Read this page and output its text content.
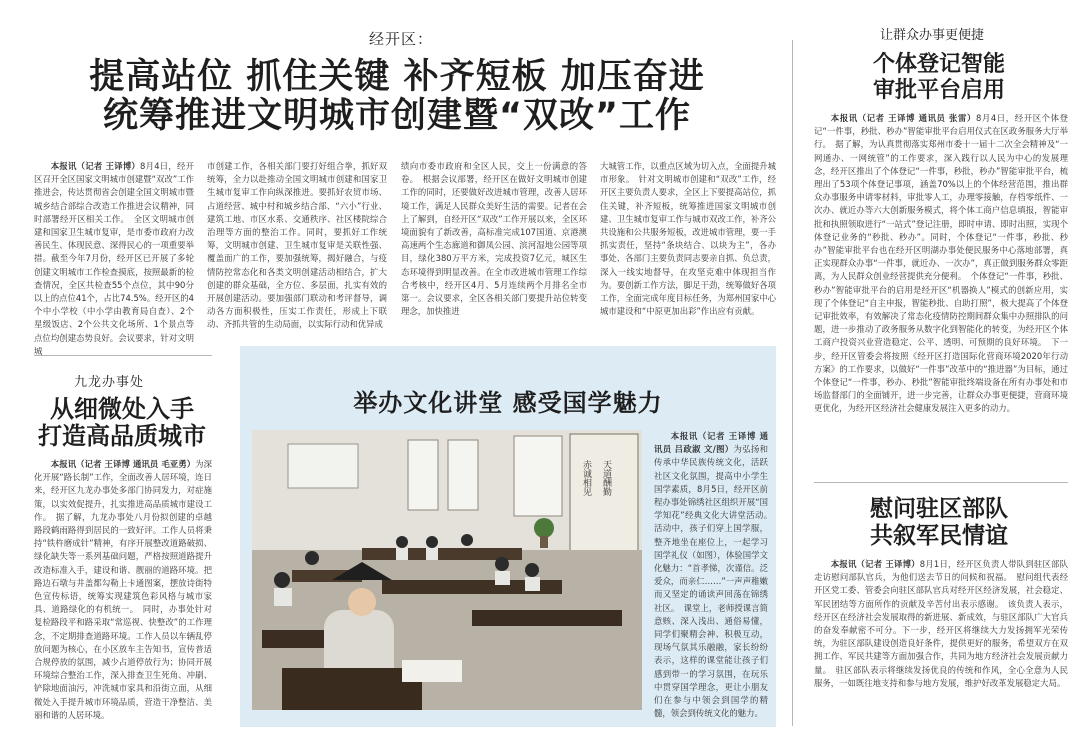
经开区：
提高站位 抓住关键 补齐短板 加压奋进
统筹推进文明城市创建暨“双改”工作

本报讯（记者 王译博）8月4日，经开区召开全区国家文明城市创建暨“双改”工作推进会，传达贯彻省会创建全国文明城市暨城乡结合部综合改造工作推进会议精神，同时部署经开区相关工作。　全区文明城市创建和国家卫生城市复审，是市委市政府力改善民生、体现民意、深得民心的一项重要举措。截至今年7月份，经开区已开展了多轮创建文明城市工作检查摸底，按照最新的检查情况，全区共检查55个点位，其中90分以上的点位41个，占比74.5%。经开区的4个中小学校（中小学由教育局自查）、2个星级饭店、2个公共文化场所、1个景点等点位均创建态势良好。会议要求，针对文明城

市创建工作，各相关部门要打好组合拳，抓好双统筹，全力以赴推动全国文明城市创建和国家卫生城市复审工作向纵深推进。要抓好农贸市场、占道经营、城中村和城乡结合部、“六小”行业、建筑工地、市区水系、交通秩序、社区楼院综合治理等方面的整治工作。同时，要抓好工作统筹，文明城市创建、卫生城市复审是关联性强、覆盖面广的工作，要加强统筹，揭好融合，与疫情防控常态化和各类文明创建活动相结合，扩大创建的群众基础，全方位、多层面，扎实有效的开展创建活动。要加强部门联动和考评督导，调动各方面积极性，压实工作责任，形成上下联动、齐抓共管的生动局面，以实际行动和优异成

绩向市委市政府和全区人民，交上一份满意的答卷。　根据会议部署，经开区在做好文明城市创建工作的同时，还要做好改进城市管理，改善人居环境工作，满足人民群众美好生活的需要。记者在会上了解到，自经开区“双改”工作开展以来，全区环境面貌有了新改善，高标准完成107国道、京港澳高速两个生态廊道和御凤公园、滨河湿地公园等项目，绿化380万平方米，完成投资7亿元，城区生态环境得到明显改善。在全市改进城市管理工作综合考核中，经开区4月、5月连续两个月排名全市第一。会议要求，全区各相关部门要提升站位转变理念，加快推进

大城管工作，以重点区域为切入点，全面提升城市形象。　针对文明城市创建和“双改”工作，经开区主要负责人要求，全区上下要提高站位，抓住关键，补齐短板，统筹推进国家文明城市创建、卫生城市复审工作与城市双改工作，补齐公共设施和公共服务短板，改进城市管理，要一手抓实责任，坚持“条块结合、以块为主”，各办事处、各部门主要负责同志要亲自抓、负总责，深入一线实地督导，在攻坚克难中体现担当作为。要创新工作方法，脚足干劲，统筹做好各项工作，全面完成年度目标任务，为郑州国家中心城市建设和“中原更加出彩”作出应有贡献。

九龙办事处
从细微处入手
打造高品质城市

本报讯（记者 王译博 通讯员 毛亚勇）为深化开展“路长制”工作，全面改善人居环境，连日来，经开区九龙办事处多部门协同发力，对症施策，以实效促提升，扎实推进高品质城市建设工作。　据了解，九龙办事处八月份拟创建的卓越路段鹤雨路得到居民的一致好评。工作人员将秉持“铁杵磨成针”精神，有序开展整改道路破损、绿化缺失等一系列基础问题，严格按照道路提升改造标准入手，建设和谐、靓丽的道路环境。把路边石墩与井盖都勾勒上卡通图案，摆放诗街特色宣传标语，统筹实现建筑色彩风格与城市家具、道路绿化的有机统一。　同时，办事处针对复检路段平和路采取“常巡视、快整改”的工作理念，不定期排查道路环境。工作人员以车辆乱停放问题为核心，在小区放车主告知书，宣传普适合规停放的氛围，减少占道停放行为；协同开展环境综合整治工作，深入排查卫生死角、冲刷、铲除地面油污，冲洗城市家具和沿街立面，从细微处入手提升城市环境品质，营造干净整洁、美丽和谐的人居环境。

举办文化讲堂 感受国学魅力
赤诚相见 天道酬勤

本报讯（记者 王译博 通讯员 吕政淑 文/图）为弘扬和传承中华民族传统文化，活跃社区文化氛围，提高中小学生国学素质，8月5日，经开区前程办事处锦绣社区组织开展“国学知花”经典文化大讲堂活动。　活动中，孩子们穿上国学服，整齐地坐在座位上，一起学习国学礼仪（如图），体验国学文化魅力：“首孝悌，次谨信。泛爱众，而亲仁……”一声声稚嫩而又坚定的诵读声回荡在锦绣社区。　课堂上，老师授课言简意赅、深入浅出、通俗易懂，同学们聚精会神、积极互动，现场气氛其乐融融，家长纷纷表示，这样的课堂能让孩子们感到带一的学习氛围，在玩乐中贯穿国学理念，更让小朋友们在参与中领会到国学的精髓，领会到传统文化的魅力。

让群众办事更便捷
个体登记智能
审批平台启用

本报讯（记者 王译博 通讯员 张雷）8月4日，经开区个体登记“一件事，秒批、秒办”智能审批平台启用仪式在区政务服务大厅举行。　据了解，为认真贯彻落实郑州市委十一届十二次全会精神及“一网通办、一网统管”的工作要求，深入践行以人民为中心的发展理念，经开区推出了个体登记“一件事，秒批，秒办”智能审批平台，梳理出了53项个体登记事项，涵盖70%以上的个体经营范围，推出群众办事服务申请零材料，审批零人工，办理零接触，存档零纸件、一次办、就近办等六大创新服务模式，将个体工商户信息填报，智能审批和执照领取进行“一站式”登记注册，即时申请、即时出照，实现个体登记业务的“秒批、秒办”。同时，个体登记“一件事，秒批、秒办”智能审批平台也在经开区明湖办事处便民服务中心落地部署，真正实现群众办事“一件事，就近办、一次办”，真正做到服务群众零距离，为人民群众创业经营提供充分便利。　个体登记“一件事，秒批、秒办”智能审批平台的启用是经开区“机器换人”模式的创新应用，实现了个体登记“自主申报，智能秒批、自助打照”，极大提高了个体登记审批效率，有效解决了常态化疫情防控期间群众集中办照排队的问题，进一步推动了政务服务从数字化到智能化的转变，为经开区个体工商户投资兴业营造稳定、公平、透明、可预期的良好环境。　下一步，经开区管委会将按照《经开区打造国际化营商环境2020年行动方案》的工作要求，以做好“一件事”改革中的“推进器”为目标，通过个体登记“一件事，秒办、秒批”智能审批终端设备在所有办事处和市场监督部门的全面铺开，进一步完善，让群众办事更便捷，营商环境更优化，为经开区经济社会健康发展注入更多的动力。

慰问驻区部队
共叙军民情谊

本报讯（记者 王译博）8月1日，经开区负责人带队到驻区部队走访慰问部队官兵，为他们送去节日的问候和祝福。　慰问组代表经开区党工委、管委会向驻区部队官兵对经开区经济发展，社会稳定、军民团结等方面所作的贡献及辛苦付出表示感谢。　该负责人表示，经开区在经济社会发展取得的新进展、新成效，与驻区部队广大官兵的奋发奉献密不可分。下一步，经开区将继续大力发扬拥军光荣传统，为驻区部队建设创造良好条件，提供更好的服务，希望双方在双拥工作、军民共建等方面加强合作，共同为地方经济社会发展贡献力量。　驻区部队表示将继续发扬优良的传统和作风，全心全意为人民服务，一如既往地支持和参与地方发展，维护好改革发展稳定大局。
